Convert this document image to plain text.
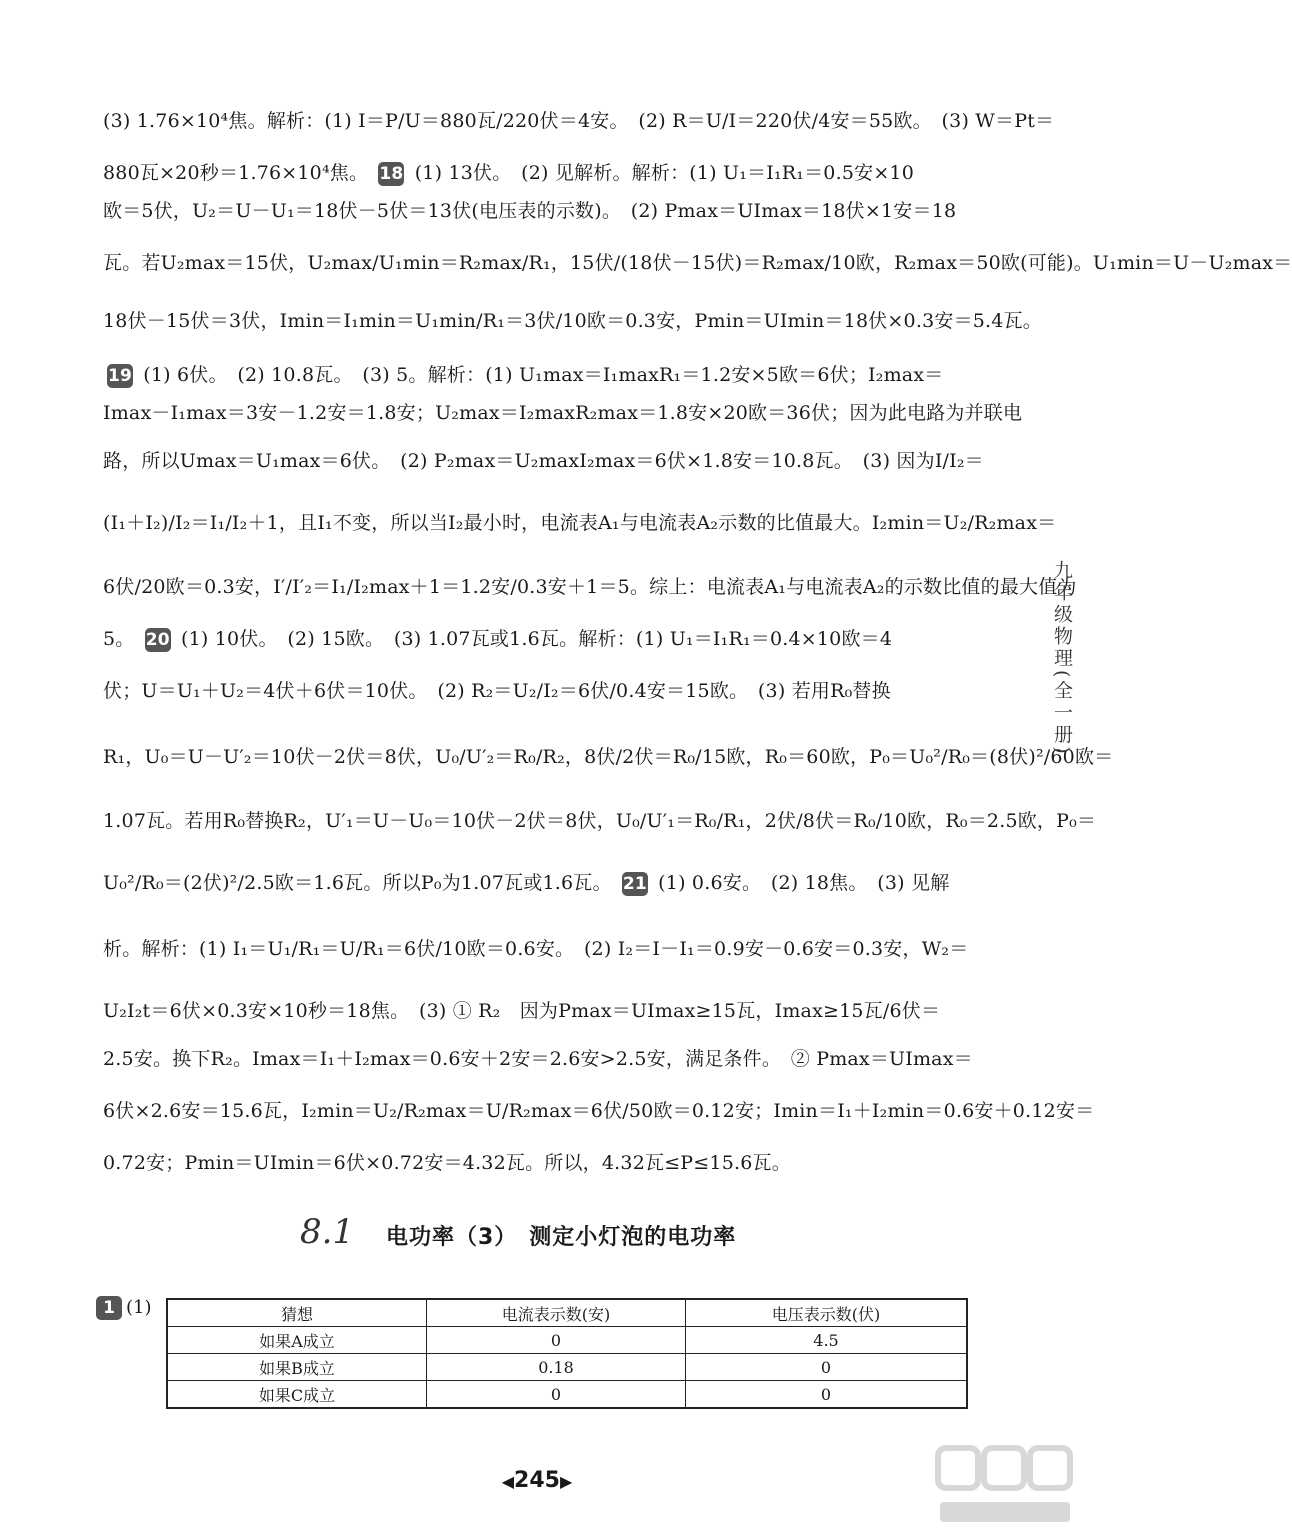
(3) 1.76×10⁴焦。解析：(1) I＝P/U＝880瓦/220伏＝4安。　(2) R＝U/I＝220伏/4安＝55欧。　(3) W＝Pt＝
880瓦×20秒＝1.76×10⁴焦。 18 (1) 13伏。　(2) 见解析。解析：(1) U₁＝I₁R₁＝0.5安×10
欧＝5伏，U₂＝U－U₁＝18伏－5伏＝13伏(电压表的示数)。　(2) Pmax＝UImax＝18伏×1安＝18
瓦。若U₂max＝15伏，U₂max/U₁min＝R₂max/R₁，15伏/(18伏－15伏)＝R₂max/10欧，R₂max＝50欧(可能)。U₁min＝U－U₂max＝
18伏－15伏＝3伏，Imin＝I₁min＝U₁min/R₁＝3伏/10欧＝0.3安，Pmin＝UImin＝18伏×0.3安＝5.4瓦。
19 (1) 6伏。　(2) 10.8瓦。　(3) 5。解析：(1) U₁max＝I₁maxR₁＝1.2安×5欧＝6伏；I₂max＝
Imax－I₁max＝3安－1.2安＝1.8安；U₂max＝I₂maxR₂max＝1.8安×20欧＝36伏；因为此电路为并联电
路，所以Umax＝U₁max＝6伏。　(2) P₂max＝U₂maxI₂max＝6伏×1.8安＝10.8瓦。　(3) 因为I/I₂＝
(I₁＋I₂)/I₂＝I₁/I₂＋1，且I₁不变，所以当I₂最小时，电流表A₁与电流表A₂示数的比值最大。I₂min＝U₂/R₂max＝
6伏/20欧＝0.3安，I′/I′₂＝I₁/I₂max＋1＝1.2安/0.3安＋1＝5。综上：电流表A₁与电流表A₂的示数比值的最大值为
5。 20 (1) 10伏。　(2) 15欧。　(3) 1.07瓦或1.6瓦。解析：(1) U₁＝I₁R₁＝0.4×10欧＝4
伏；U＝U₁＋U₂＝4伏＋6伏＝10伏。　(2) R₂＝U₂/I₂＝6伏/0.4安＝15欧。　(3) 若用R₀替换
R₁，U₀＝U－U′₂＝10伏－2伏＝8伏，U₀/U′₂＝R₀/R₂，8伏/2伏＝R₀/15欧，R₀＝60欧，P₀＝U₀²/R₀＝(8伏)²/60欧＝
1.07瓦。若用R₀替换R₂，U′₁＝U－U₀＝10伏－2伏＝8伏，U₀/U′₁＝R₀/R₁，2伏/8伏＝R₀/10欧，R₀＝2.5欧，P₀＝
U₀²/R₀＝(2伏)²/2.5欧＝1.6瓦。所以P₀为1.07瓦或1.6瓦。 21 (1) 0.6安。　(2) 18焦。　(3) 见解
析。解析：(1) I₁＝U₁/R₁＝U/R₁＝6伏/10欧＝0.6安。　(2) I₂＝I－I₁＝0.9安－0.6安＝0.3安，W₂＝
U₂I₂t＝6伏×0.3安×10秒＝18焦。　(3) ① R₂　因为Pmax＝UImax≥15瓦，Imax≥15瓦/6伏＝
2.5安。换下R₂。Imax＝I₁＋I₂max＝0.6安＋2安＝2.6安>2.5安，满足条件。　② Pmax＝UImax＝
6伏×2.6安＝15.6瓦，I₂min＝U₂/R₂max＝U/R₂max＝6伏/50欧＝0.12安；Imin＝I₁＋I₂min＝0.6安＋0.12安＝
0.72安；Pmin＝UImin＝6伏×0.72安＝4.32瓦。所以，4.32瓦≤P≤15.6瓦。
8.1 电功率（3）　测定小灯泡的电功率
1 (1)	猜想	电流表示数(安)	电压表示数(伏)
如果A成立	0	4.5
如果B成立	0.18	0
如果C成立	0	0
九年级物理(全一册)
◀245▶
